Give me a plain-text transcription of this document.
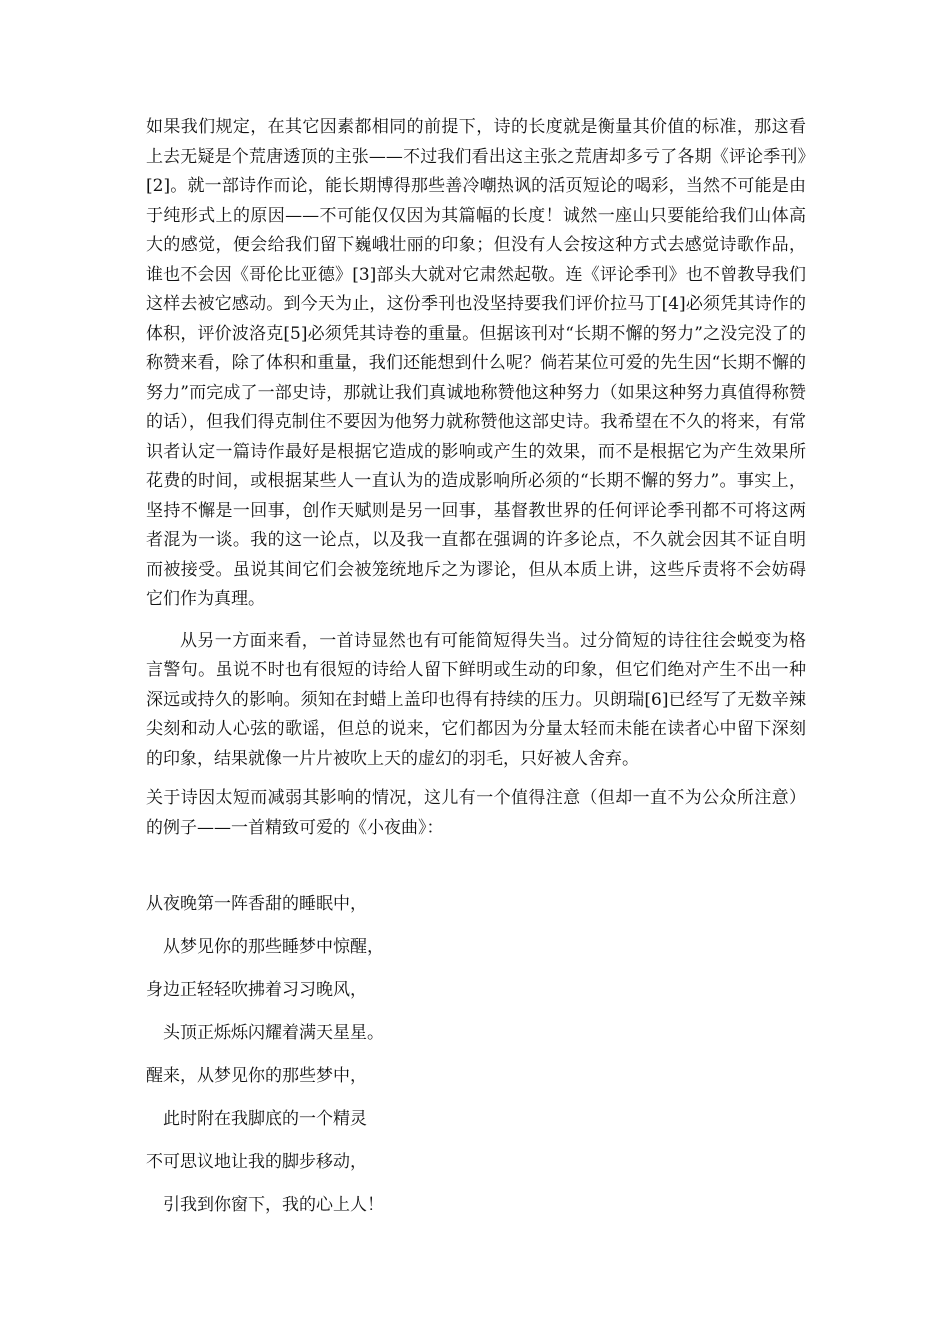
如果我们规定，在其它因素都相同的前提下，诗的长度就是衡量其价值的标准，那这看上去无疑是个荒唐透顶的主张——不过我们看出这主张之荒唐却多亏了各期《评论季刊》[2]。就一部诗作而论，能长期博得那些善冷嘲热讽的活页短论的喝彩，当然不可能是由于纯形式上的原因——不可能仅仅因为其篇幅的长度！诚然一座山只要能给我们山体高大的感觉，便会给我们留下巍峨壮丽的印象；但没有人会按这种方式去感觉诗歌作品，谁也不会因《哥伦比亚德》[3]部头大就对它肃然起敬。连《评论季刊》也不曾教导我们这样去被它感动。到今天为止，这份季刊也没坚持要我们评价拉马丁[4]必须凭其诗作的体积，评价波洛克[5]必须凭其诗卷的重量。但据该刊对“长期不懈的努力”之没完没了的称赞来看，除了体积和重量，我们还能想到什么呢？倘若某位可爱的先生因“长期不懈的努力”而完成了一部史诗，那就让我们真诚地称赞他这种努力（如果这种努力真值得称赞的话），但我们得克制住不要因为他努力就称赞他这部史诗。我希望在不久的将来，有常识者认定一篇诗作最好是根据它造成的影响或产生的效果，而不是根据它为产生效果所花费的时间，或根据某些人一直认为的造成影响所必须的“长期不懈的努力”。事实上，坚持不懈是一回事，创作天赋则是另一回事，基督教世界的任何评论季刊都不可将这两者混为一谈。我的这一论点，以及我一直都在强调的许多论点，不久就会因其不证自明而被接受。虽说其间它们会被笼统地斥之为谬论，但从本质上讲，这些斥责将不会妨碍它们作为真理。

从另一方面来看，一首诗显然也有可能简短得失当。过分简短的诗往往会蜕变为格言警句。虽说不时也有很短的诗给人留下鲜明或生动的印象，但它们绝对产生不出一种深远或持久的影响。须知在封蜡上盖印也得有持续的压力。贝朗瑞[6]已经写了无数辛辣尖刻和动人心弦的歌谣，但总的说来，它们都因为分量太轻而未能在读者心中留下深刻的印象，结果就像一片片被吹上天的虚幻的羽毛，只好被人舍弃。

关于诗因太短而减弱其影响的情况，这儿有一个值得注意（但却一直不为公众所注意）的例子——一首精致可爱的《小夜曲》：

从夜晚第一阵香甜的睡眠中，
从梦见你的那些睡梦中惊醒，
身边正轻轻吹拂着习习晚风，
头顶正烁烁闪耀着满天星星。
醒来，从梦见你的那些梦中，
此时附在我脚底的一个精灵
不可思议地让我的脚步移动，
引我到你窗下，我的心上人！
